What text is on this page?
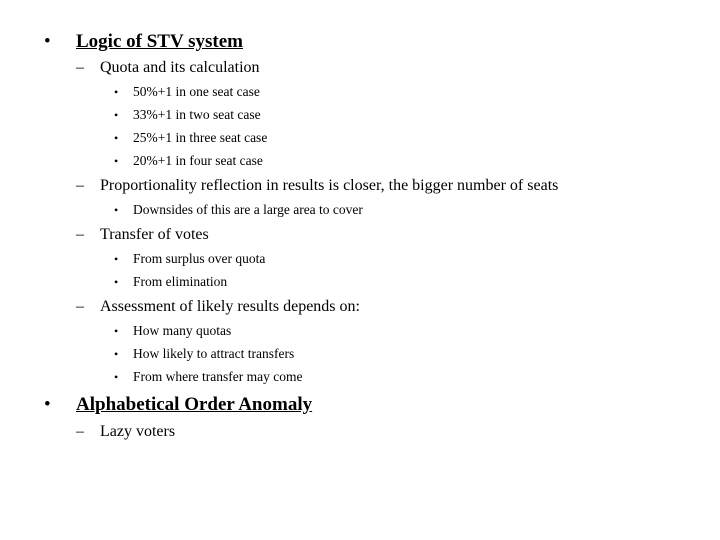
• Logic of STV system
– Quota and its calculation
• 50%+1 in one seat case
• 33%+1 in two seat case
• 25%+1 in three seat case
• 20%+1 in four seat case
– Proportionality reflection in results is closer, the bigger number of seats
• Downsides of this are a large area to cover
– Transfer of votes
• From surplus over quota
• From elimination
– Assessment of likely results depends on:
• How many quotas
• How likely to attract transfers
• From where transfer may come
• Alphabetical Order Anomaly
– Lazy voters
